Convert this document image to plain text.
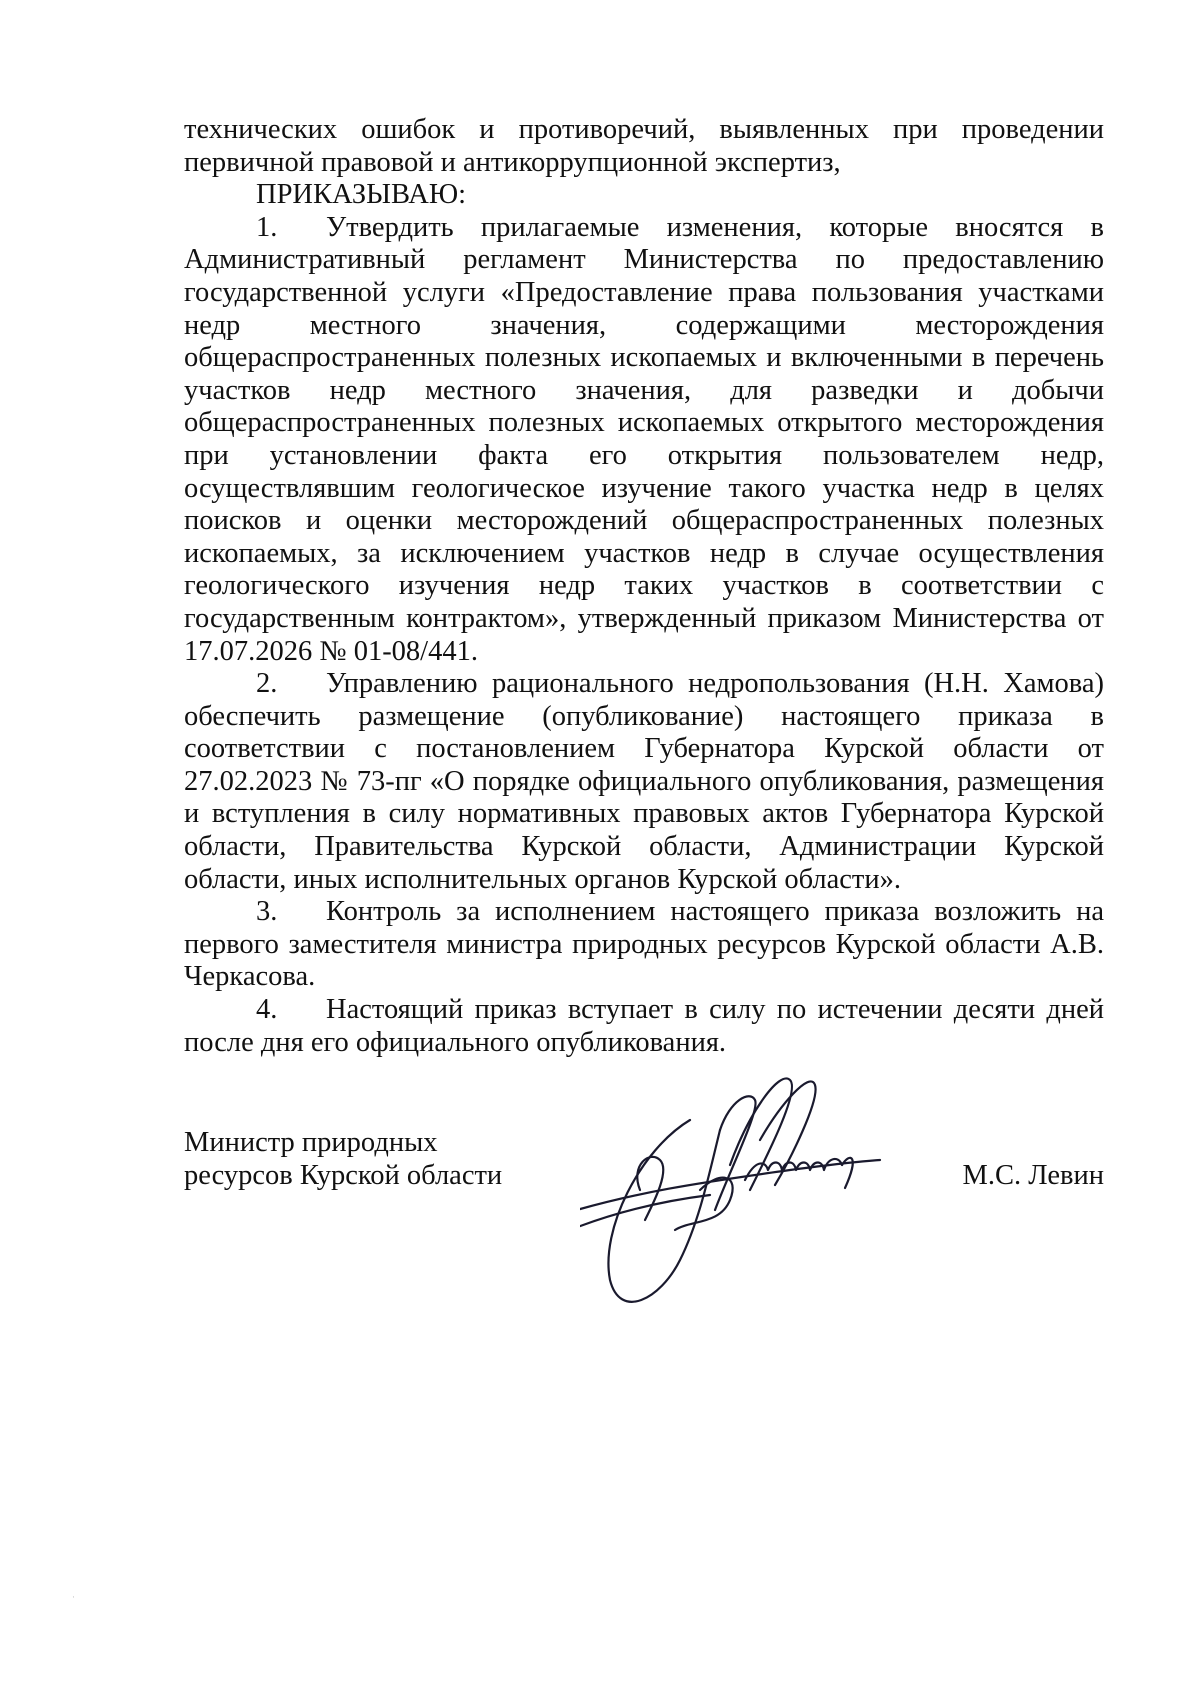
технических ошибок и противоречий, выявленных при проведении первичной правовой и антикоррупционной экспертиз,

ПРИКАЗЫВАЮ:

1. Утвердить прилагаемые изменения, которые вносятся в Административный регламент Министерства по предоставлению государственной услуги «Предоставление права пользования участками недр местного значения, содержащими месторождения общераспространенных полезных ископаемых и включенными в перечень участков недр местного значения, для разведки и добычи общераспространенных полезных ископаемых открытого месторождения при установлении факта его открытия пользователем недр, осуществлявшим геологическое изучение такого участка недр в целях поисков и оценки месторождений общераспространенных полезных ископаемых, за исключением участков недр в случае осуществления геологического изучения недр таких участков в соответствии с государственным контрактом», утвержденный приказом Министерства от 17.07.2026 № 01-08/441.

2. Управлению рационального недропользования (Н.Н. Хамова) обеспечить размещение (опубликование) настоящего приказа в соответствии с постановлением Губернатора Курской области от 27.02.2023 № 73-пг «О порядке официального опубликования, размещения и вступления в силу нормативных правовых актов Губернатора Курской области, Правительства Курской области, Администрации Курской области, иных исполнительных органов Курской области».

3. Контроль за исполнением настоящего приказа возложить на первого заместителя министра природных ресурсов Курской области А.В. Черкасова.

4. Настоящий приказ вступает в силу по истечении десяти дней после дня его официального опубликования.

Министр природных
ресурсов Курской области	М.С. Левин
·
